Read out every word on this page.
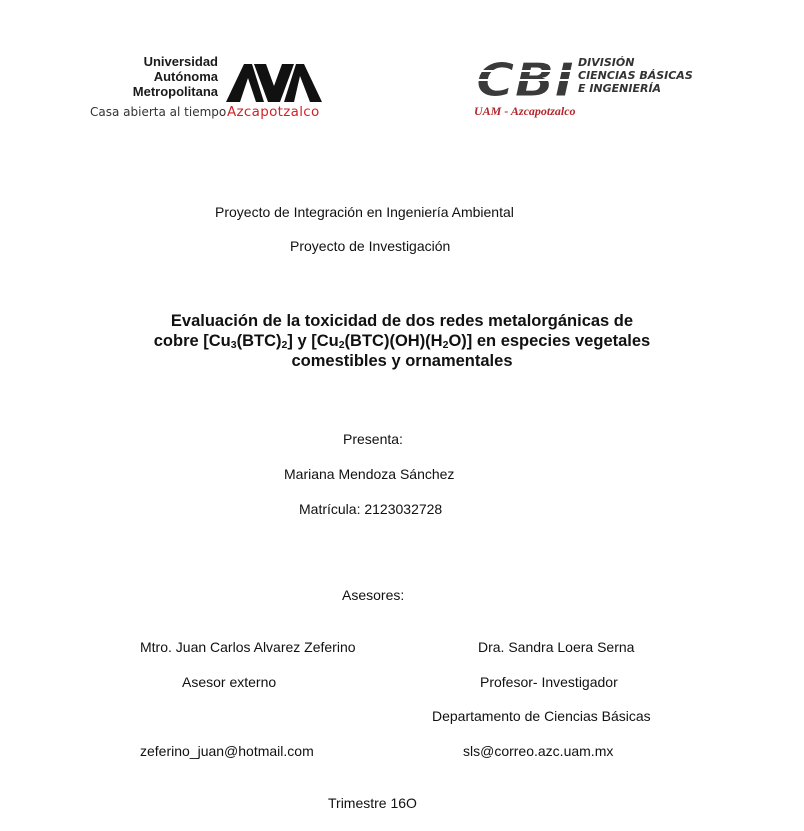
Universidad
Autónoma
Metropolitana
Casa abierta al tiempo Azcapotzalco
CBI DIVISIÓN
CIENCIAS BÁSICAS
E INGENIERÍA
UAM - Azcapotzalco
Proyecto de Integración en Ingeniería Ambiental
Proyecto de Investigación
Evaluación de la toxicidad de dos redes metalorgánicas de
cobre $[Cu_3(BTC)_2]$ y $[Cu_2(BTC)(OH)(H_2O)]$ en especies vegetales
comestibles y ornamentales
Presenta:
Mariana Mendoza Sánchez
Matrícula: 2123032728
Asesores:
Mtro. Juan Carlos Alvarez Zeferino
Asesor externo
zeferino_juan@hotmail.com
Dra. Sandra Loera Serna
Profesor- Investigador
Departamento de Ciencias Básicas
sls@correo.azc.uam.mx
Trimestre 16O
